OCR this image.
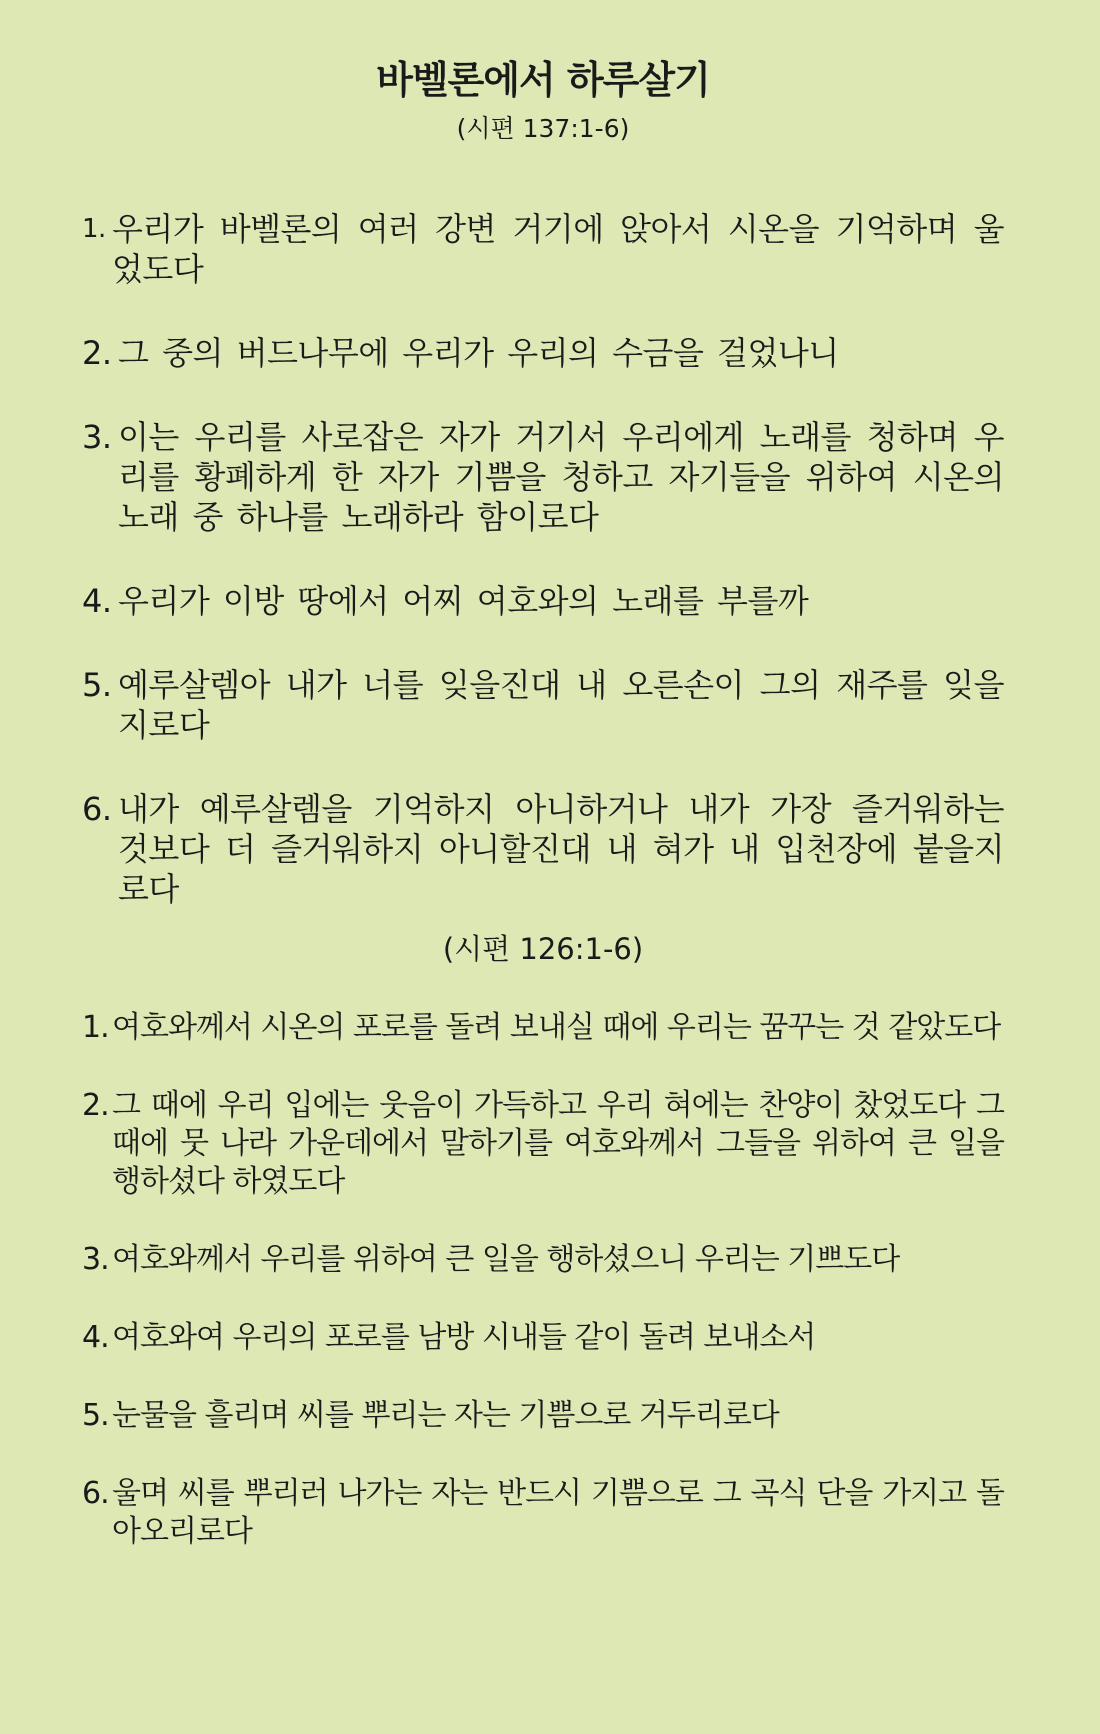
바벨론에서 하루살기

(시편 137:1-6)

1. 우리가 바벨론의 여러 강변 거기에 앉아서 시온을 기억하며 울었도다
2. 그 중의 버드나무에 우리가 우리의 수금을 걸었나니
3. 이는 우리를 사로잡은 자가 거기서 우리에게 노래를 청하며 우리를 황폐하게 한 자가 기쁨을 청하고 자기들을 위하여 시온의 노래 중 하나를 노래하라 함이로다
4. 우리가 이방 땅에서 어찌 여호와의 노래를 부를까
5. 예루살렘아 내가 너를 잊을진대 내 오른손이 그의 재주를 잊을지로다
6. 내가 예루살렘을 기억하지 아니하거나 내가 가장 즐거워하는 것보다 더 즐거워하지 아니할진대 내 혀가 내 입천장에 붙을지로다

(시편 126:1-6)

1. 여호와께서 시온의 포로를 돌려 보내실 때에 우리는 꿈꾸는 것 같았도다
2. 그 때에 우리 입에는 웃음이 가득하고 우리 혀에는 찬양이 찼었도다 그 때에 뭇 나라 가운데에서 말하기를 여호와께서 그들을 위하여 큰 일을 행하셨다 하였도다
3. 여호와께서 우리를 위하여 큰 일을 행하셨으니 우리는 기쁘도다
4. 여호와여 우리의 포로를 남방 시내들 같이 돌려 보내소서
5. 눈물을 흘리며 씨를 뿌리는 자는 기쁨으로 거두리로다
6. 울며 씨를 뿌리러 나가는 자는 반드시 기쁨으로 그 곡식 단을 가지고 돌아오리로다
